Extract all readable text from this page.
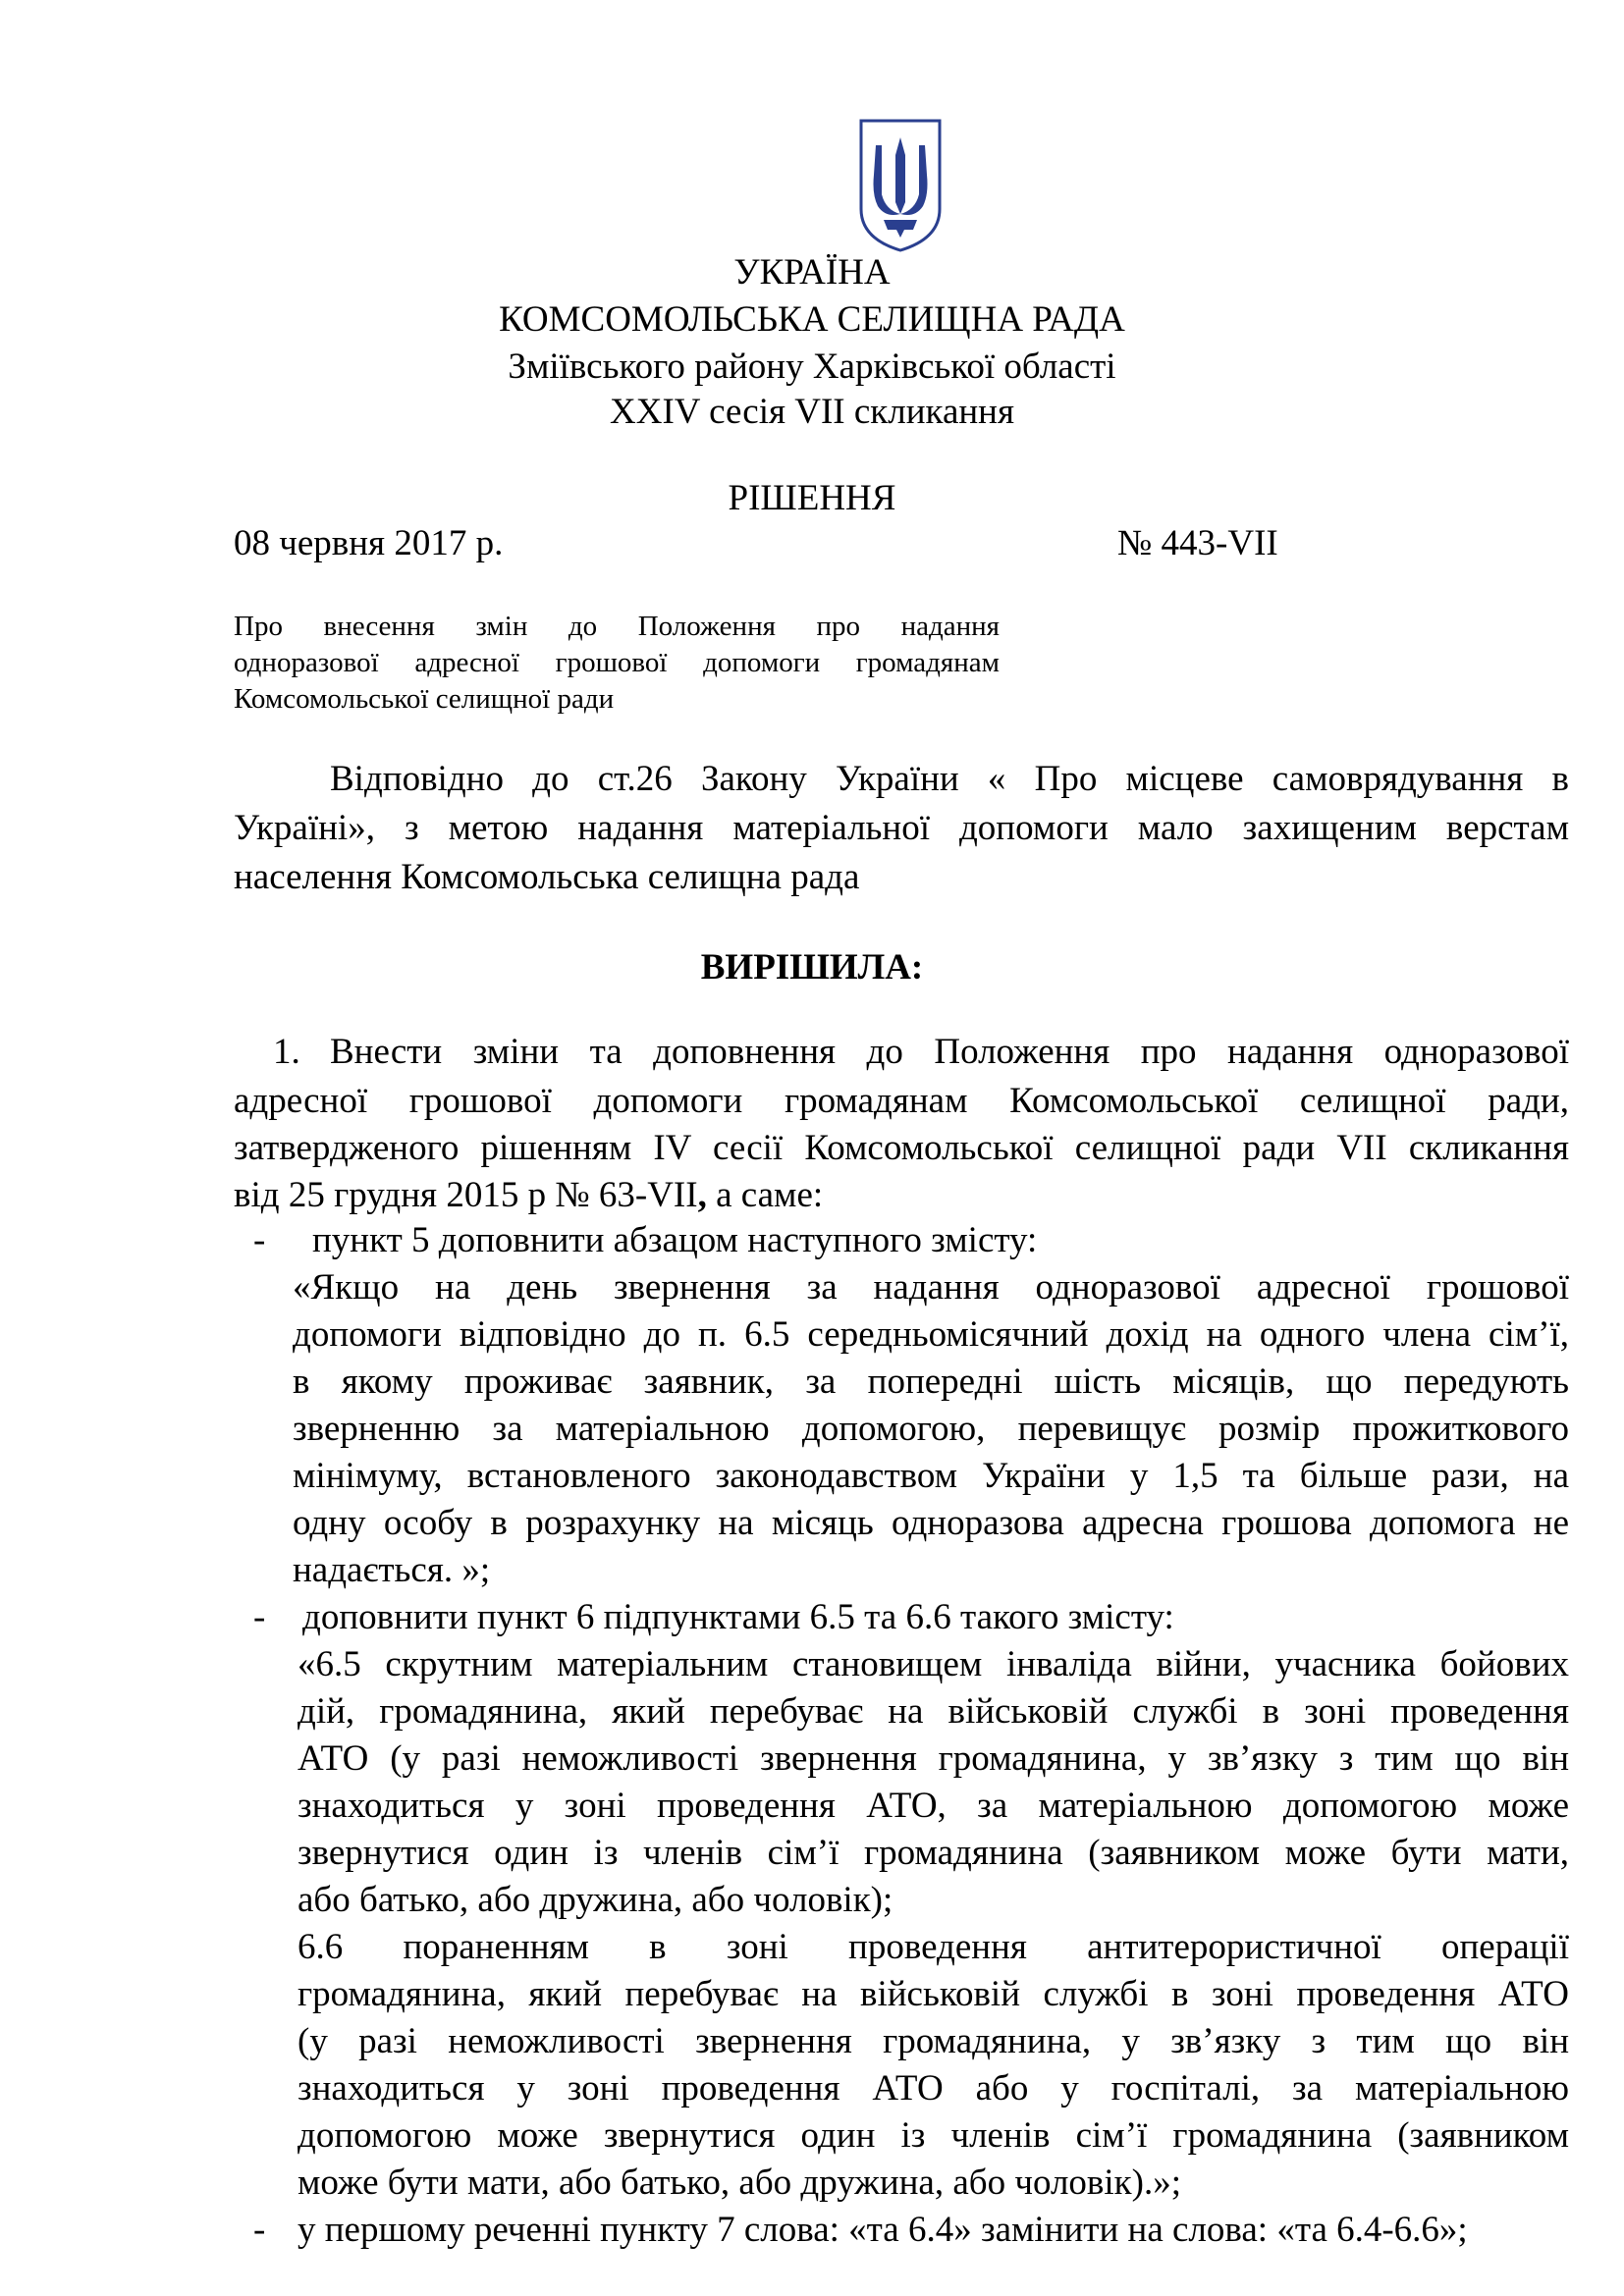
УКРАЇНА
КОМСОМОЛЬСЬКА СЕЛИЩНА РАДА
Зміївського району Харківської області
XXIV сесія VII скликання
РІШЕННЯ
08 червня 2017 р.	№ 443-VII
Про внесення змін до Положення про надання
одноразової адресної грошової допомоги громадянам
Комсомольської селищної ради
Відповідно до ст.26 Закону України « Про місцеве самоврядування в
Україні», з метою надання матеріальної допомоги мало захищеним верстам
населення Комсомольська селищна рада
ВИРІШИЛА:
1. Внести зміни та доповнення до Положення про надання одноразової
адресної грошової допомоги громадянам Комсомольської селищної ради,
затвердженого рішенням IV сесії Комсомольської селищної ради VII скликання
від 25 грудня 2015 р № 63-VII, а саме:
- пункт 5 доповнити абзацом наступного змісту:
«Якщо на день звернення за надання одноразової адресної грошової
допомоги відповідно до п. 6.5 середньомісячний дохід на одного члена сім’ї,
в якому проживає заявник, за попередні шість місяців, що передують
зверненню за матеріальною допомогою, перевищує розмір прожиткового
мінімуму, встановленого законодавством України у 1,5 та більше рази, на
одну особу в розрахунку на місяць одноразова адресна грошова допомога не
надається. »;
- доповнити пункт 6 підпунктами 6.5 та 6.6 такого змісту:
«6.5 скрутним матеріальним становищем інваліда війни, учасника бойових
дій, громадянина, який перебуває на військовій службі в зоні проведення
АТО (у разі неможливості звернення громадянина, у зв’язку з тим що він
знаходиться у зоні проведення АТО, за матеріальною допомогою може
звернутися один із членів сім’ї громадянина (заявником може бути мати,
або батько, або дружина, або чоловік);
6.6 пораненням в зоні проведення антитерористичної операції
громадянина, який перебуває на військовій службі в зоні проведення АТО
(у разі неможливості звернення громадянина, у зв’язку з тим що він
знаходиться у зоні проведення АТО або у госпіталі, за матеріальною
допомогою може звернутися один із членів сім’ї громадянина (заявником
може бути мати, або батько, або дружина, або чоловік).»;
- у першому реченні пункту 7 слова: «та 6.4» замінити на слова: «та 6.4-6.6»;
